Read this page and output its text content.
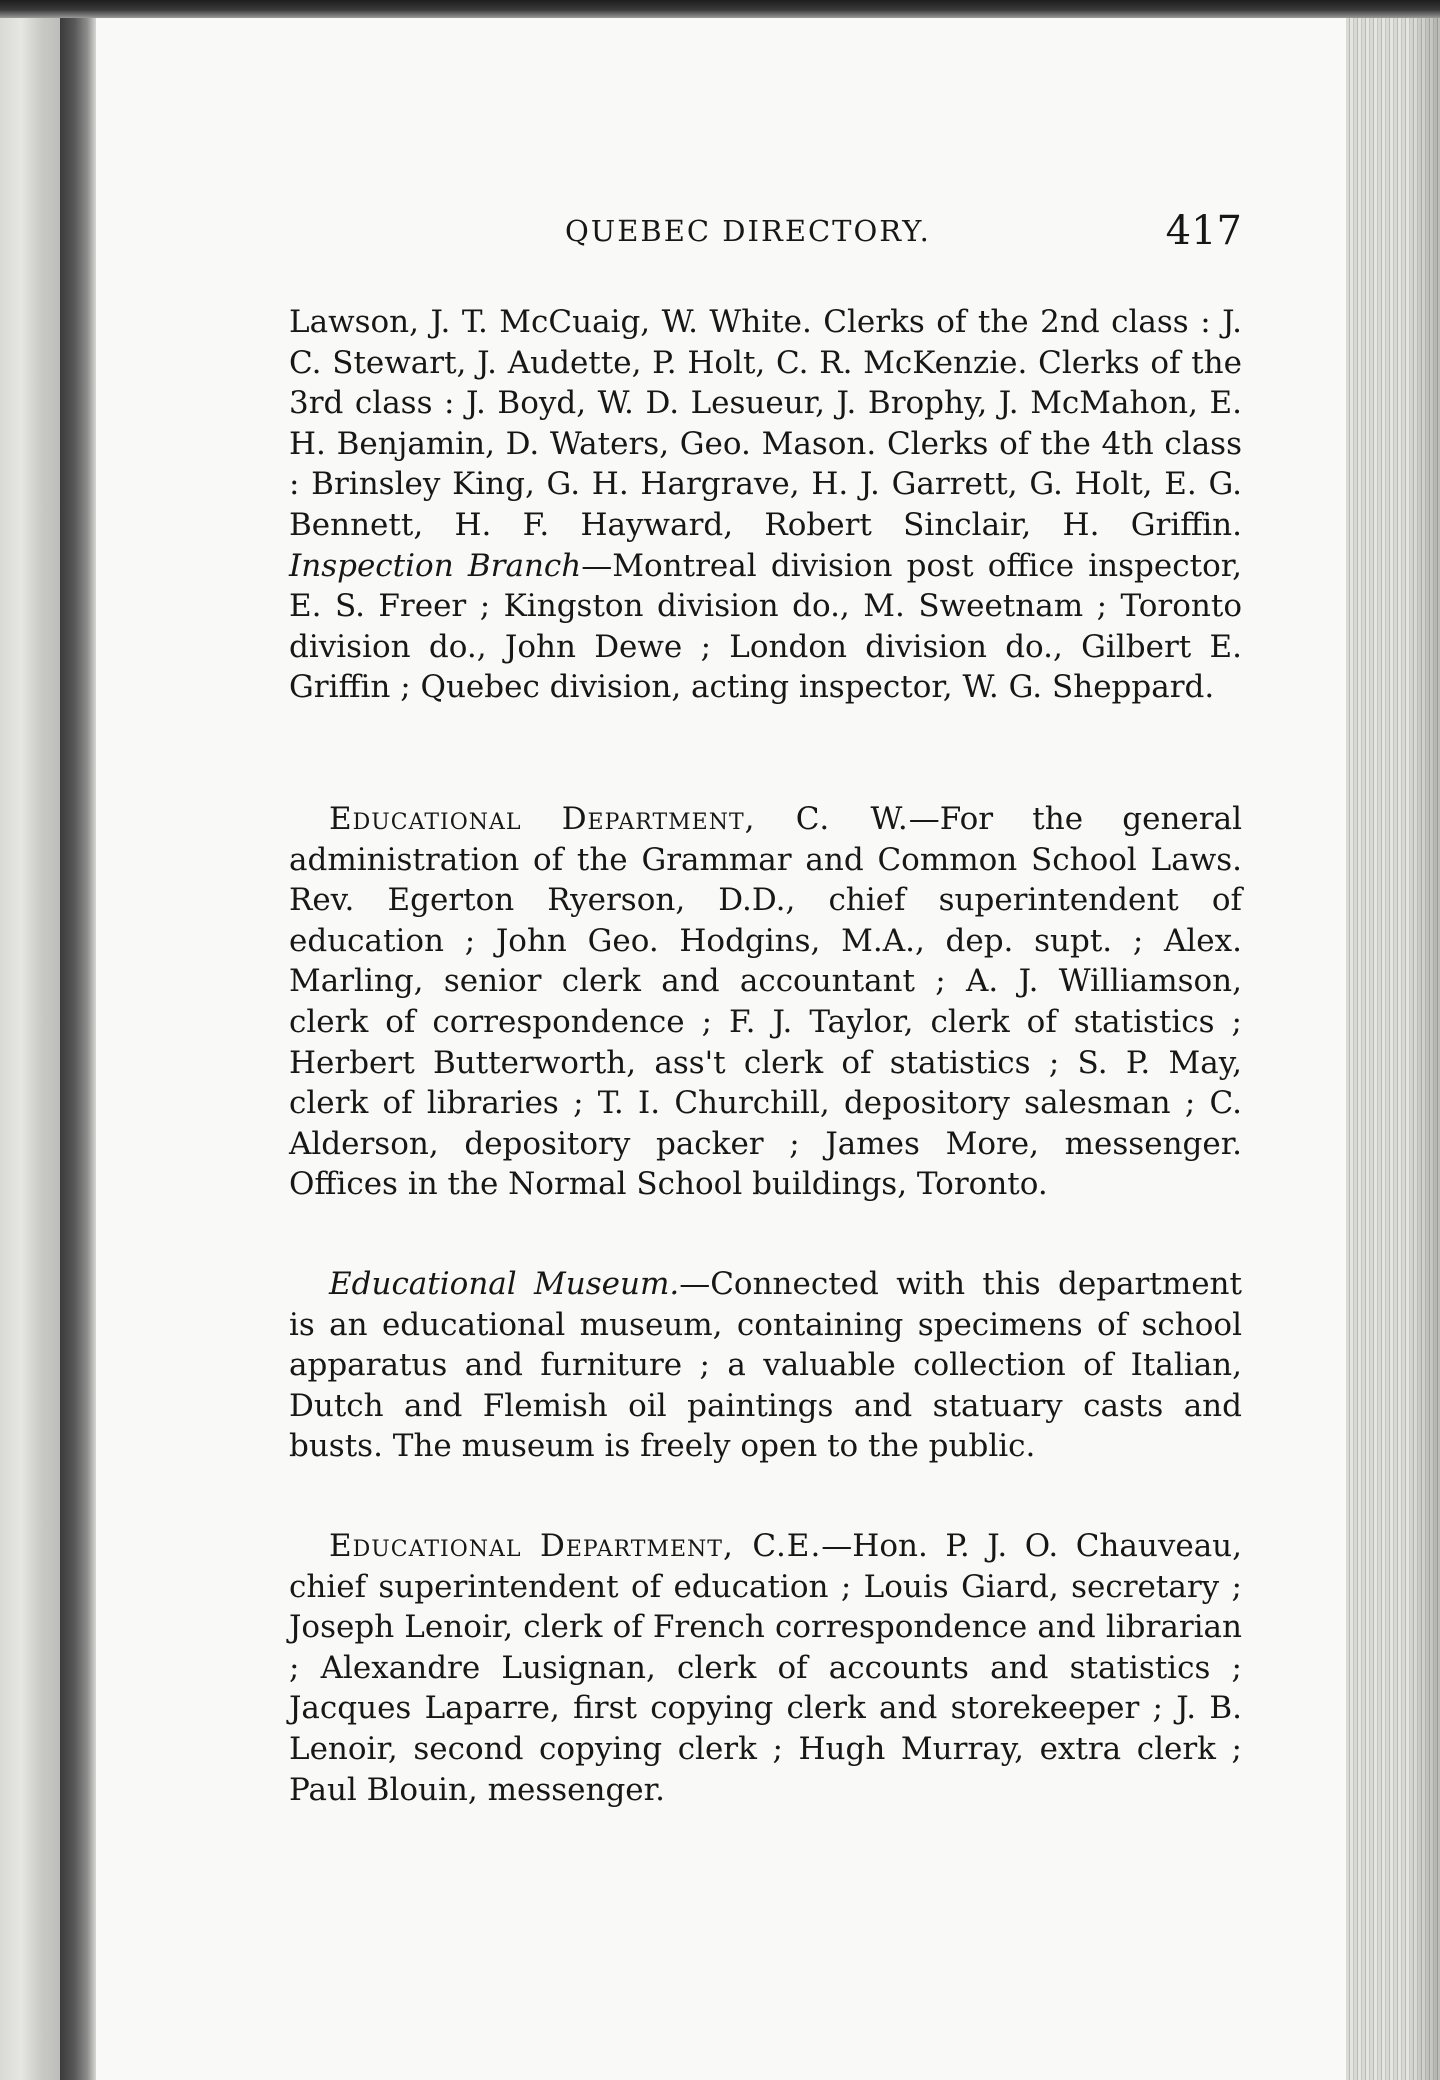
QUEBEC DIRECTORY.	417

Lawson, J. T. McCuaig, W. White. Clerks of the 2nd class : J. C. Stewart, J. Audette, P. Holt, C. R. McKenzie. Clerks of the 3rd class : J. Boyd, W. D. Lesueur, J. Brophy, J. McMahon, E. H. Benjamin, D. Waters, Geo. Mason. Clerks of the 4th class : Brinsley King, G. H. Hargrave, H. J. Garrett, G. Holt, E. G. Bennett, H. F. Hayward, Robert Sinclair, H. Griffin. Inspection Branch—Montreal division post office inspector, E. S. Freer ; Kingston division do., M. Sweetnam ; Toronto division do., John Dewe ; London division do., Gilbert E. Griffin ; Quebec division, acting inspector, W. G. Sheppard.

Educational Department, C. W.—For the general administration of the Grammar and Common School Laws. Rev. Egerton Ryerson, D.D., chief superintendent of education ; John Geo. Hodgins, M.A., dep. supt. ; Alex. Marling, senior clerk and accountant ; A. J. Williamson, clerk of correspondence ; F. J. Taylor, clerk of statistics ; Herbert Butterworth, ass't clerk of statistics ; S. P. May, clerk of libraries ; T. I. Churchill, depository salesman ; C. Alderson, depository packer ; James More, messenger. Offices in the Normal School buildings, Toronto.

Educational Museum.—Connected with this department is an educational museum, containing specimens of school apparatus and furniture ; a valuable collection of Italian, Dutch and Flemish oil paintings and statuary casts and busts. The museum is freely open to the public.

Educational Department, C.E.—Hon. P. J. O. Chauveau, chief superintendent of education ; Louis Giard, secretary ; Joseph Lenoir, clerk of French correspondence and librarian ; Alexandre Lusignan, clerk of accounts and statistics ; Jacques Laparre, first copying clerk and storekeeper ; J. B. Lenoir, second copying clerk ; Hugh Murray, extra clerk ; Paul Blouin, messenger.
